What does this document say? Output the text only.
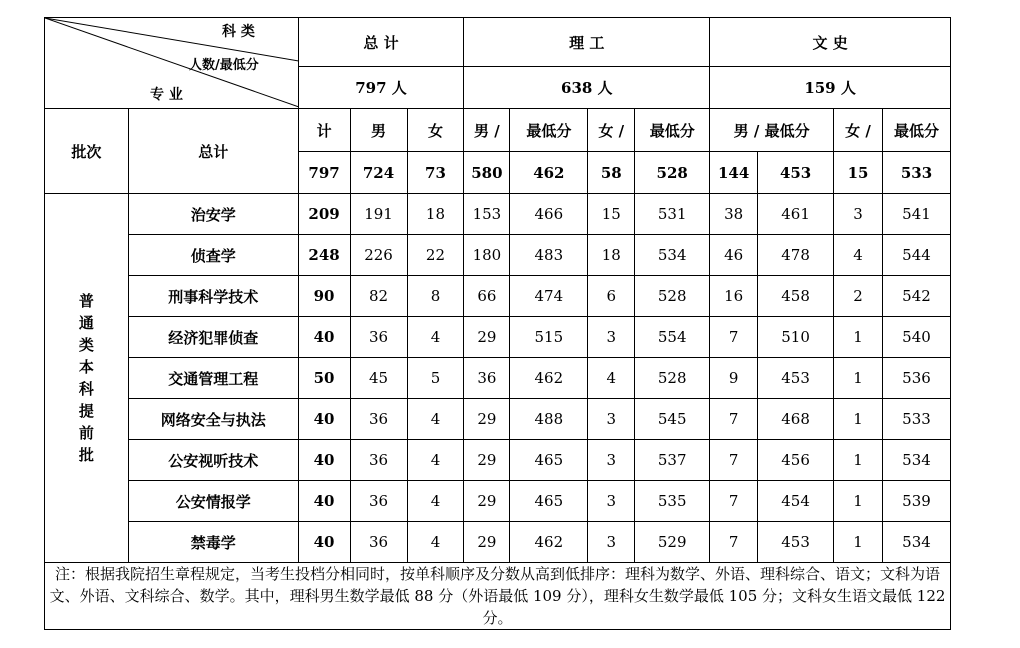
科 类
人数/最低分
专 业		总 计			理 工				文 史			
		797 人			638 人				159 人			
批次	总计	计	男	女	男 /	最低分	女 /	最低分	男 / 最低分		女 /	最低分
		797	724	73	580	462	58	528	144	453	15	533
普通类本科提前批	治安学	209	191	18	153	466	15	531	38	461	3	541
	侦查学	248	226	22	180	483	18	534	46	478	4	544
	刑事科学技术	90	82	8	66	474	6	528	16	458	2	542
	经济犯罪侦查	40	36	4	29	515	3	554	7	510	1	540
	交通管理工程	50	45	5	36	462	4	528	9	453	1	536
	网络安全与执法	40	36	4	29	488	3	545	7	468	1	533
	公安视听技术	40	36	4	29	465	3	537	7	456	1	534
	公安情报学	40	36	4	29	465	3	535	7	454	1	539
	禁毒学	40	36	4	29	462	3	529	7	453	1	534
注：根据我院招生章程规定，当考生投档分相同时，按单科顺序及分数从高到低排序：理科为数学、外语、理科综合、语文；文科为语文、外语、文科综合、数学。其中，理科男生数学最低 88 分（外语最低 109 分），理科女生数学最低 105 分；文科女生语文最低 122 分。												
